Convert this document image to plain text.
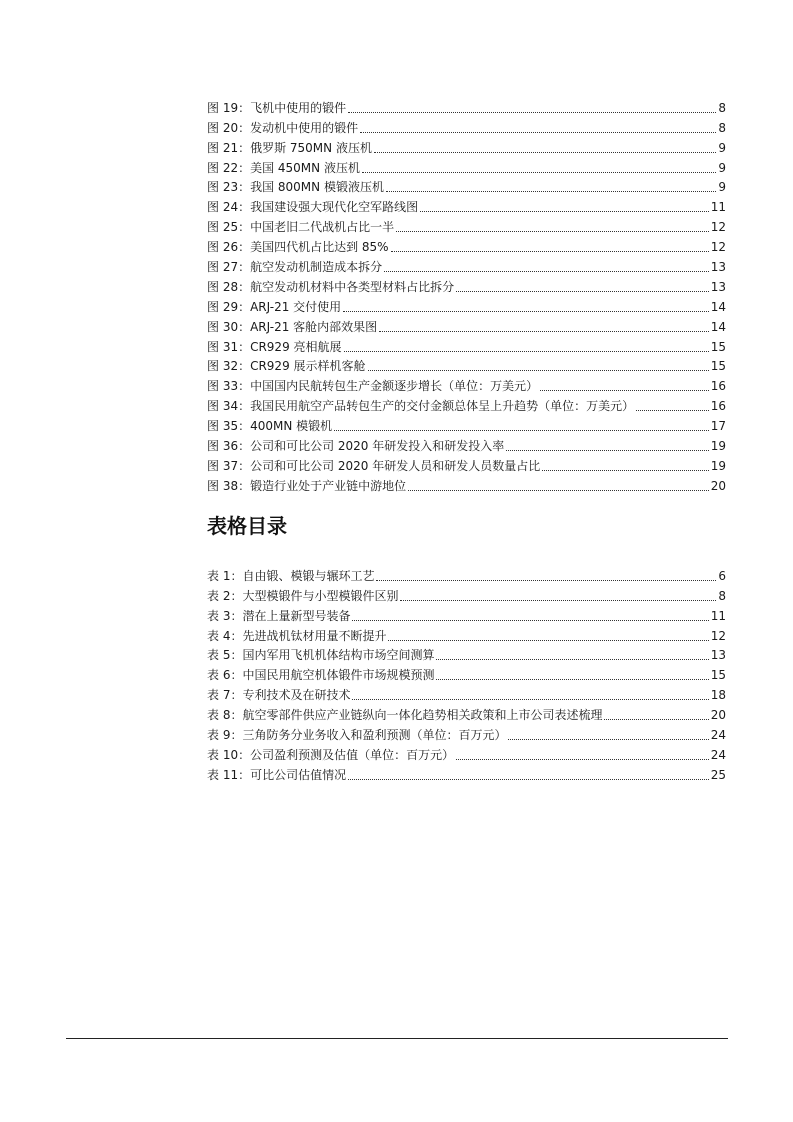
图 19：飞机中使用的锻件	8
图 20：发动机中使用的锻件	8
图 21：俄罗斯 750MN 液压机	9
图 22：美国 450MN 液压机	9
图 23：我国 800MN 模锻液压机	9
图 24：我国建设强大现代化空军路线图	11
图 25：中国老旧二代战机占比一半	12
图 26：美国四代机占比达到 85%	12
图 27：航空发动机制造成本拆分	13
图 28：航空发动机材料中各类型材料占比拆分	13
图 29：ARJ-21 交付使用	14
图 30：ARJ-21 客舱内部效果图	14
图 31：CR929 亮相航展	15
图 32：CR929 展示样机客舱	15
图 33：中国国内民航转包生产金额逐步增长（单位：万美元）	16
图 34：我国民用航空产品转包生产的交付金额总体呈上升趋势（单位：万美元）	16
图 35：400MN 模锻机	17
图 36：公司和可比公司 2020 年研发投入和研发投入率	19
图 37：公司和可比公司 2020 年研发人员和研发人员数量占比	19
图 38：锻造行业处于产业链中游地位	20
表格目录
表 1：自由锻、模锻与辗环工艺	6
表 2：大型模锻件与小型模锻件区别	8
表 3：潜在上量新型号装备	11
表 4：先进战机钛材用量不断提升	12
表 5：国内军用飞机机体结构市场空间测算	13
表 6：中国民用航空机体锻件市场规模预测	15
表 7：专利技术及在研技术	18
表 8：航空零部件供应产业链纵向一体化趋势相关政策和上市公司表述梳理	20
表 9：三角防务分业务收入和盈利预测（单位：百万元）	24
表 10：公司盈利预测及估值（单位：百万元）	24
表 11：可比公司估值情况	25
